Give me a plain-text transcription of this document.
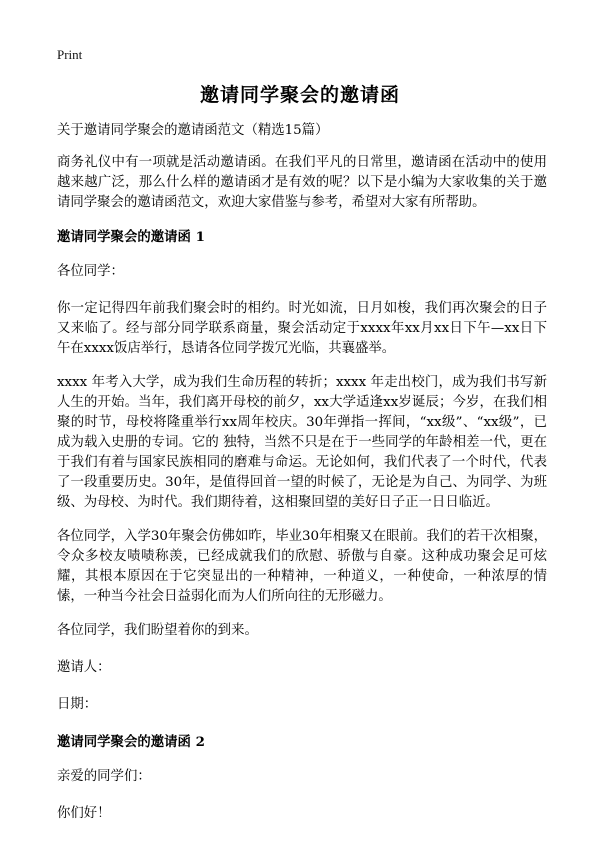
Print
邀请同学聚会的邀请函

关于邀请同学聚会的邀请函范文（精选15篇）

商务礼仪中有一项就是活动邀请函。在我们平凡的日常里，邀请函在活动中的使用越来越广泛，那么什么样的邀请函才是有效的呢？以下是小编为大家收集的关于邀请同学聚会的邀请函范文，欢迎大家借鉴与参考，希望对大家有所帮助。

邀请同学聚会的邀请函 1

各位同学：

你一定记得四年前我们聚会时的相约。时光如流，日月如梭，我们再次聚会的日子又来临了。经与部分同学联系商量，聚会活动定于xxxx年xx月xx日下午—xx日下午在xxxx饭店举行，恳请各位同学拨冗光临，共襄盛举。

xxxx 年考入大学，成为我们生命历程的转折；xxxx 年走出校门，成为我们书写新人生的开始。当年，我们离开母校的前夕，xx大学适逢xx岁诞辰；今岁，在我们相聚的时节，母校将隆重举行xx周年校庆。30年弹指一挥间，“xx级”、“xx级”，已成为载入史册的专词。它的 独特，当然不只是在于一些同学的年龄相差一代，更在于我们有着与国家民族相同的磨难与命运。无论如何，我们代表了一个时代，代表了一段重要历史。30年，是值得回首一望的时候了，无论是为自己、为同学、为班级、为母校、为时代。我们期待着，这相聚回望的美好日子正一日日临近。

各位同学，入学30年聚会仿佛如昨，毕业30年相聚又在眼前。我们的若干次相聚，令众多校友啧啧称羡，已经成就我们的欣慰、骄傲与自豪。这种成功聚会足可炫耀，其根本原因在于它突显出的一种精神，一种道义，一种使命，一种浓厚的情愫，一种当今社会日益弱化而为人们所向往的无形磁力。

各位同学，我们盼望着你的到来。

邀请人：

日期：

邀请同学聚会的邀请函 2

亲爱的同学们：

你们好！
